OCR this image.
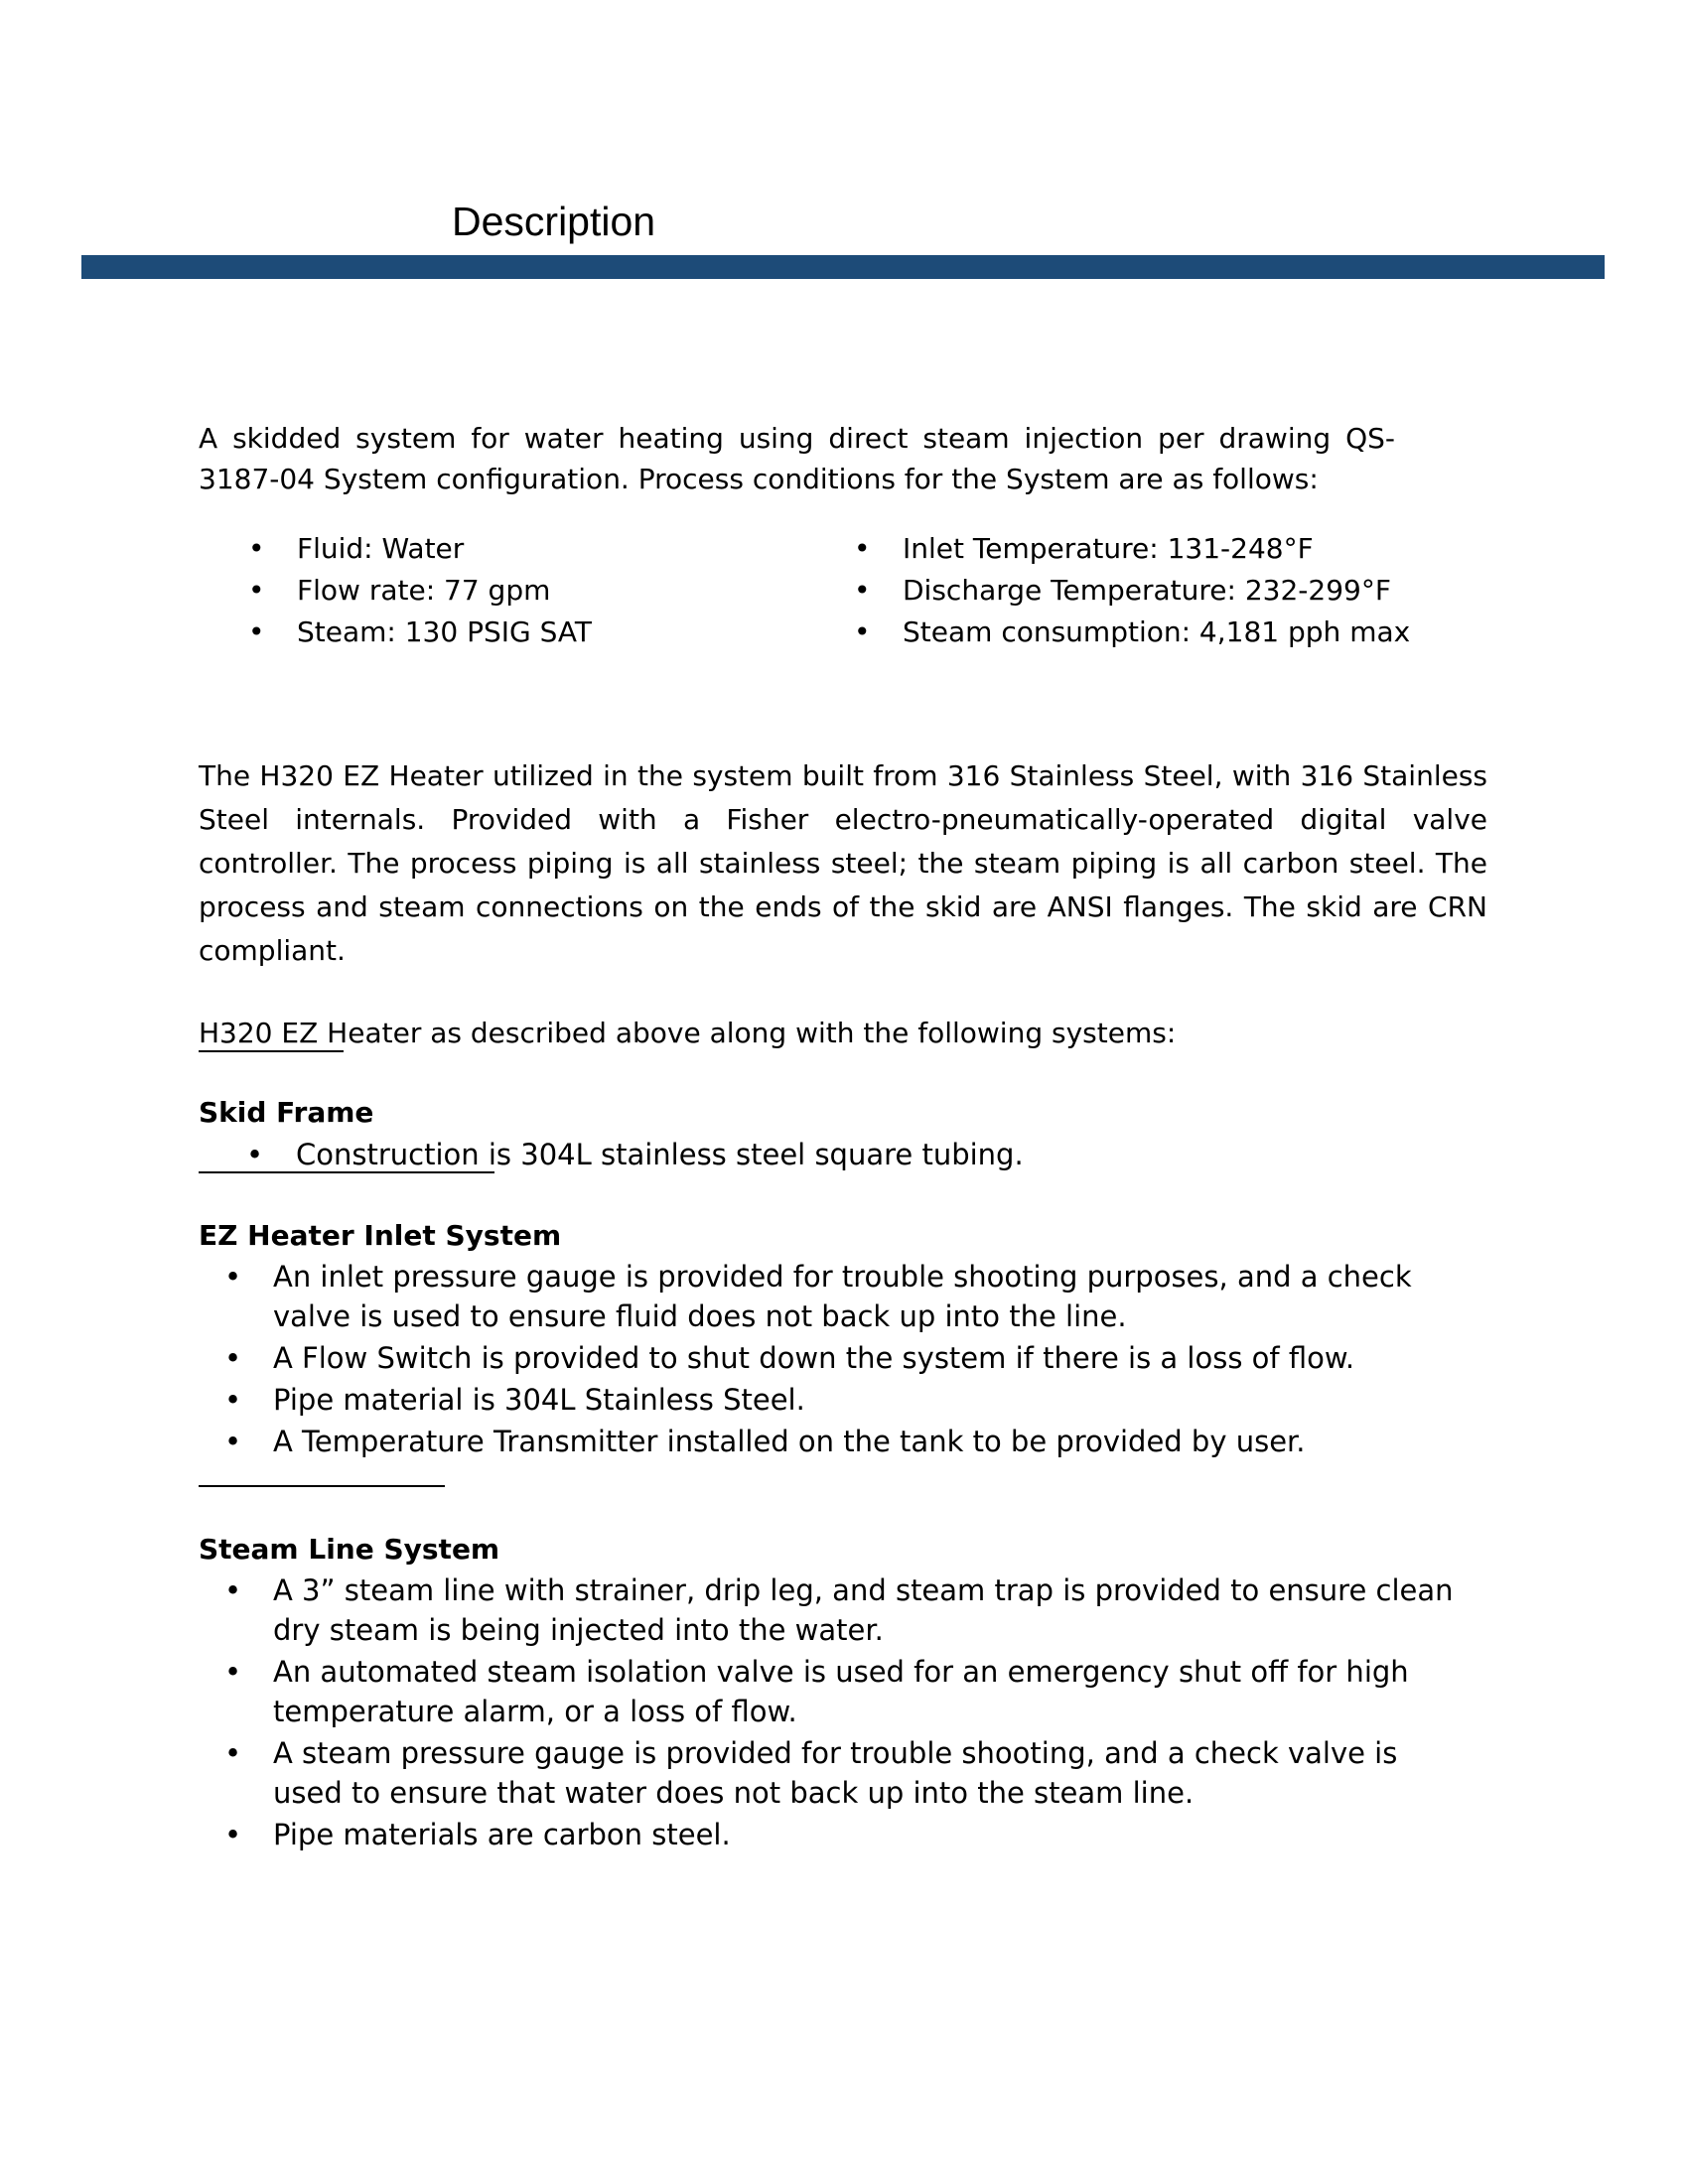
Description
A skidded system for water heating using direct steam injection per drawing QS-3187-04 System configuration. Process conditions for the System are as follows:
• Fluid: Water
• Flow rate: 77 gpm
• Steam: 130 PSIG SAT
• Inlet Temperature: 131-248°F
• Discharge Temperature: 232-299°F
• Steam consumption: 4,181 pph max
The H320 EZ Heater utilized in the system built from 316 Stainless Steel, with 316 Stainless Steel internals. Provided with a Fisher electro-pneumatically-operated digital valve controller. The process piping is all stainless steel; the steam piping is all carbon steel. The process and steam connections on the ends of the skid are ANSI flanges. The skid are CRN compliant.
H320 EZ Heater as described above along with the following systems:
Skid Frame
• Construction is 304L stainless steel square tubing.
EZ Heater Inlet System
• An inlet pressure gauge is provided for trouble shooting purposes, and a check valve is used to ensure fluid does not back up into the line.
• A Flow Switch is provided to shut down the system if there is a loss of flow.
• Pipe material is 304L Stainless Steel.
• A Temperature Transmitter installed on the tank to be provided by user.
Steam Line System
• A 3” steam line with strainer, drip leg, and steam trap is provided to ensure clean dry steam is being injected into the water.
• An automated steam isolation valve is used for an emergency shut off for high temperature alarm, or a loss of flow.
• A steam pressure gauge is provided for trouble shooting, and a check valve is used to ensure that water does not back up into the steam line.
• Pipe materials are carbon steel.
